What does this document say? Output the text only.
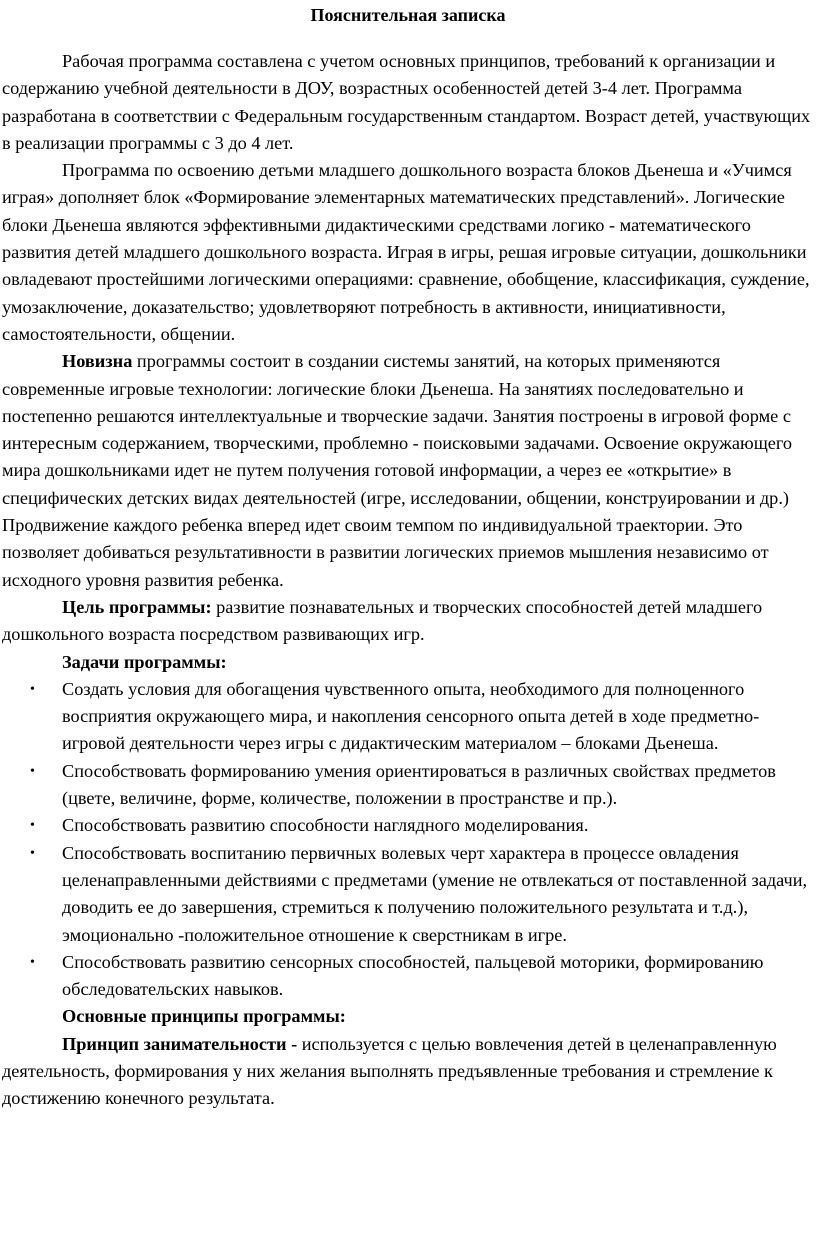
Пояснительная записка

Рабочая программа составлена с учетом основных принципов, требований к организации и содержанию учебной деятельности в ДОУ, возрастных особенностей детей 3-4 лет. Программа разработана в соответствии с Федеральным государственным стандартом. Возраст детей, участвующих в реализации программы с 3 до 4 лет.

Программа по освоению детьми младшего дошкольного возраста блоков Дьенеша и «Учимся играя» дополняет блок «Формирование элементарных математических представлений». Логические блоки Дьенеша являются эффективными дидактическими средствами логико - математического развития детей младшего дошкольного возраста. Играя в игры, решая игровые ситуации, дошкольники овладевают простейшими логическими операциями: сравнение, обобщение, классификация, суждение, умозаключение, доказательство; удовлетворяют потребность в активности, инициативности, самостоятельности, общении.

Новизна программы состоит в создании системы занятий, на которых применяются современные игровые технологии: логические блоки Дьенеша. На занятиях последовательно и постепенно решаются интеллектуальные и творческие задачи. Занятия построены в игровой форме с интересным содержанием, творческими, проблемно - поисковыми задачами. Освоение окружающего мира дошкольниками идет не путем получения готовой информации, а через ее «открытие» в специфических детских видах деятельностей (игре, исследовании, общении, конструировании и др.) Продвижение каждого ребенка вперед идет своим темпом по индивидуальной траектории. Это позволяет добиваться результативности в развитии логических приемов мышления независимо от исходного уровня развития ребенка.

Цель программы: развитие познавательных и творческих способностей детей младшего дошкольного возраста посредством развивающих игр.

Задачи программы:

• Создать условия для обогащения чувственного опыта, необходимого для полноценного восприятия окружающего мира, и накопления сенсорного опыта детей в ходе предметно-игровой деятельности через игры с дидактическим материалом – блоками Дьенеша.
• Способствовать формированию умения ориентироваться в различных свойствах предметов (цвете, величине, форме, количестве, положении в пространстве и пр.).
• Способствовать развитию способности наглядного моделирования.
• Способствовать воспитанию первичных волевых черт характера в процессе овладения целенаправленными действиями с предметами (умение не отвлекаться от поставленной задачи, доводить ее до завершения, стремиться к получению положительного результата и т.д.), эмоционально -положительное отношение к сверстникам в игре.
• Способствовать развитию сенсорных способностей, пальцевой моторики, формированию обследовательских навыков.

Основные принципы программы:

Принцип занимательности - используется с целью вовлечения детей в целенаправленную деятельность, формирования у них желания выполнять предъявленные требования и стремление к достижению конечного результата.
